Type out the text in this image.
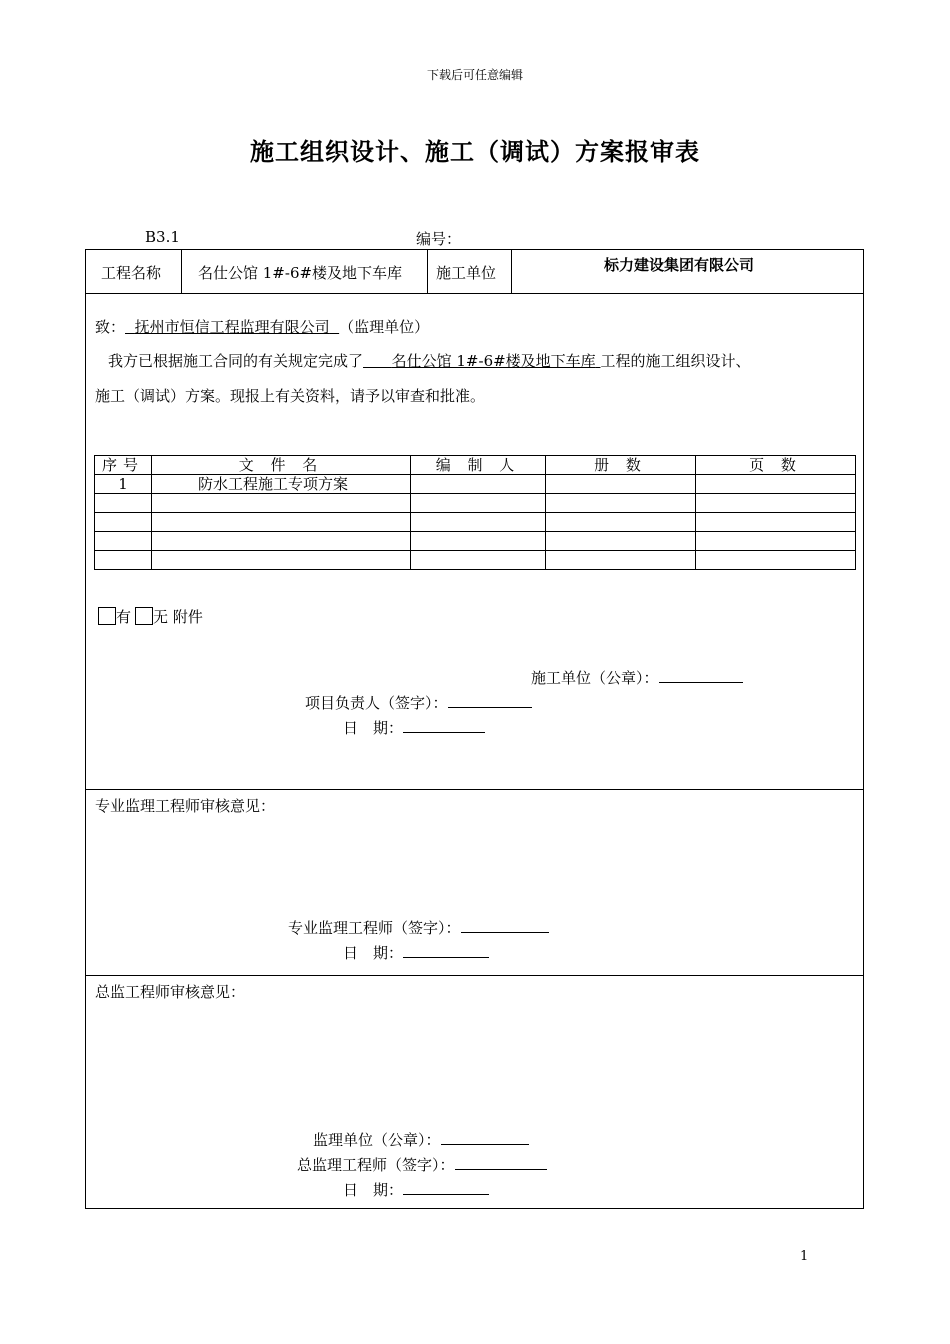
下载后可任意编辑
施工组织设计、施工（调试）方案报审表
B3.1	编号：
工程名称 名仕公馆 1#-6#楼及地下车库 施工单位	标力建设集团有限公司
致： 抚州市恒信工程监理有限公司 （监理单位）
我方已根据施工合同的有关规定完成了 名仕公馆 1#-6#楼及地下车库 工程的施工组织设计、
施工（调试）方案。现报上有关资料，请予以审查和批准。
序号	文 件 名	编 制 人	册 数	页 数
1	防水工程施工专项方案			

有 无 附件
施工单位（公章）：
项目负责人（签字）：
日　期：
专业监理工程师审核意见：
专业监理工程师（签字）：
日　期：
总监工程师审核意见：
监理单位（公章）：
总监理工程师（签字）：
日　期：
1
